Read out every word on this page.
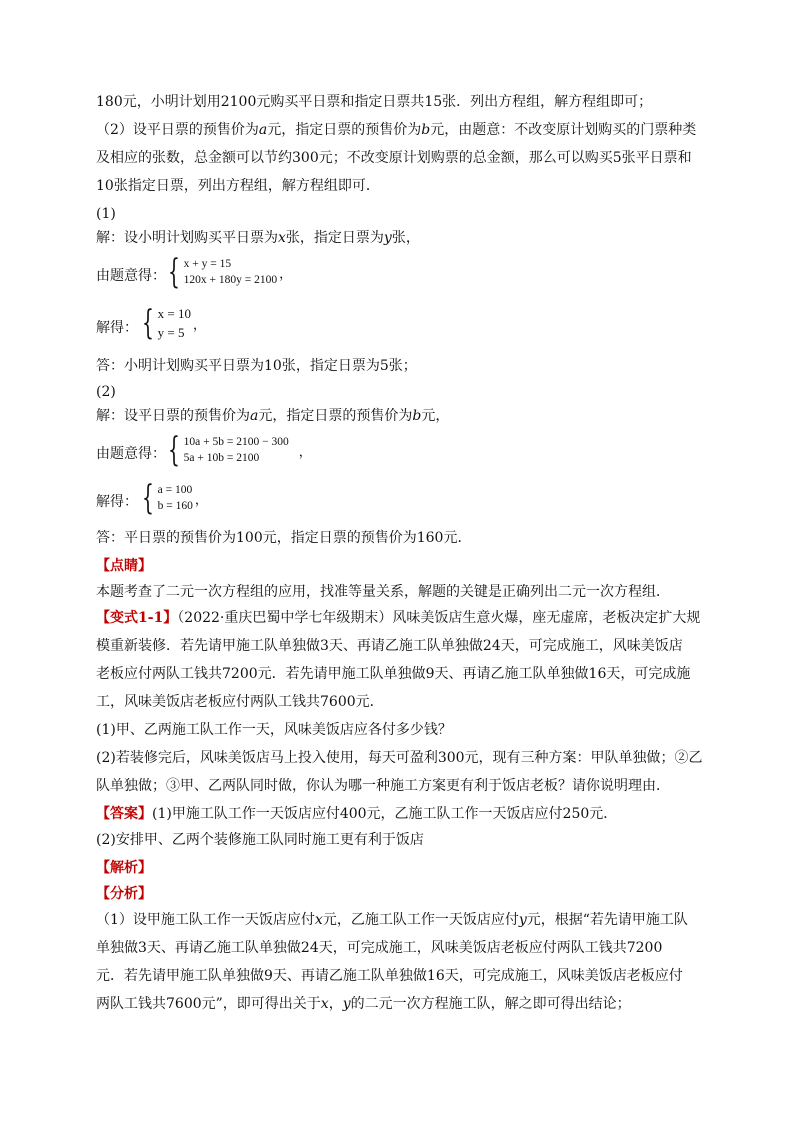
180元，小明计划用2100元购买平日票和指定日票共15张．列出方程组，解方程组即可；
（2）设平日票的预售价为a元，指定日票的预售价为b元，由题意：不改变原计划购买的门票种类
及相应的张数，总金额可以节约300元；不改变原计划购票的总金额，那么可以购买5张平日票和
10张指定日票，列出方程组，解方程组即可．
(1)
解：设小明计划购买平日票为x张，指定日票为y张，
由题意得： { x + y = 15
120x + 180y = 2100 ，
解得： { x = 10
y = 5 ，
答：小明计划购买平日票为10张，指定日票为5张；
(2)
解：设平日票的预售价为a元，指定日票的预售价为b元，
由题意得： { 10a + 5b = 2100 − 300
5a + 10b = 2100	，
解得： { a = 100
b = 160 ，
答：平日票的预售价为100元，指定日票的预售价为160元．
【点睛】
本题考查了二元一次方程组的应用，找准等量关系，解题的关键是正确列出二元一次方程组．
【变式1-1】（2022·重庆巴蜀中学七年级期末）风味美饭店生意火爆，座无虚席，老板决定扩大规
模重新装修．若先请甲施工队单独做3天、再请乙施工队单独做24天，可完成施工，风味美饭店
老板应付两队工钱共7200元．若先请甲施工队单独做9天、再请乙施工队单独做16天，可完成施
工，风味美饭店老板应付两队工钱共7600元．
(1)甲、乙两施工队工作一天，风味美饭店应各付多少钱？
(2)若装修完后，风味美饭店马上投入使用，每天可盈利300元，现有三种方案：甲队单独做；②乙
队单独做；③甲、乙两队同时做，你认为哪一种施工方案更有利于饭店老板？请你说明理由．
【答案】(1)甲施工队工作一天饭店应付400元，乙施工队工作一天饭店应付250元．
(2)安排甲、乙两个装修施工队同时施工更有利于饭店
【解析】
【分析】
（1）设甲施工队工作一天饭店应付x元，乙施工队工作一天饭店应付y元，根据“若先请甲施工队
单独做3天、再请乙施工队单独做24天，可完成施工，风味美饭店老板应付两队工钱共7200
元．若先请甲施工队单独做9天、再请乙施工队单独做16天，可完成施工，风味美饭店老板应付
两队工钱共7600元”，即可得出关于x，y的二元一次方程施工队，解之即可得出结论；
